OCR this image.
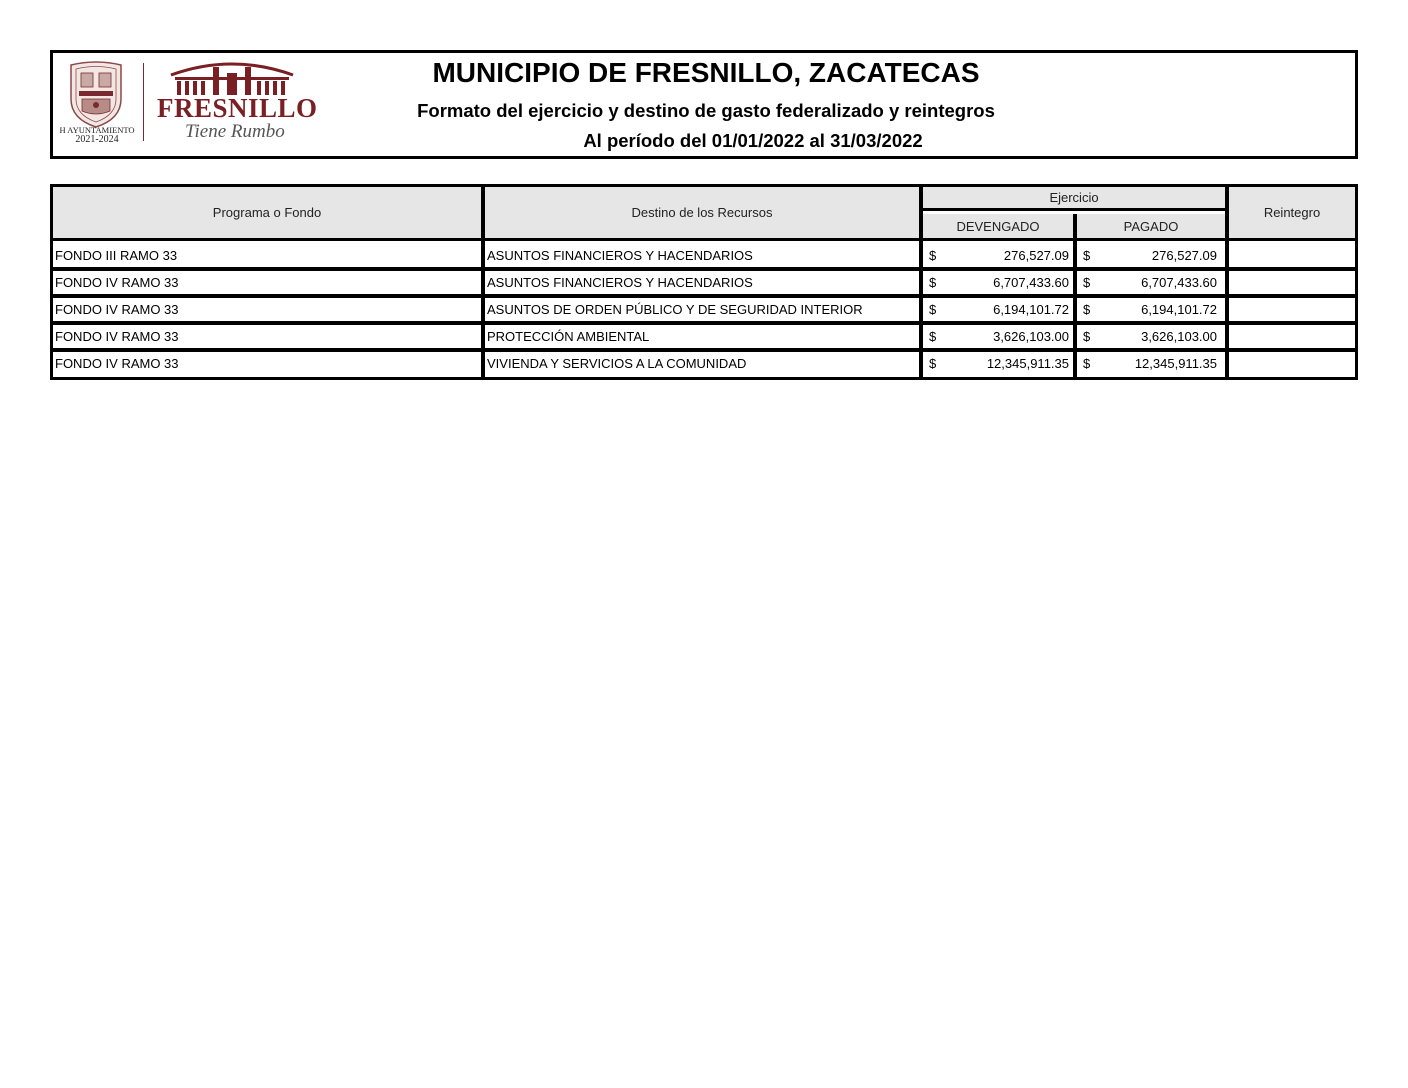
H AYUNTAMIENTO
2021-2024
FRESNILLO
Tiene Rumbo
MUNICIPIO DE FRESNILLO, ZACATECAS
Formato del ejercicio y destino de gasto federalizado y reintegros
Al período del 01/01/2022 al 31/03/2022
Programa o Fondo	Destino de los Recursos
Ejercicio
DEVENGADO	PAGADO
Reintegro
FONDO III RAMO 33	ASUNTOS FINANCIEROS Y HACENDARIOS	$	276,527.09 $	276,527.09
FONDO IV RAMO 33	ASUNTOS FINANCIEROS Y HACENDARIOS	$	6,707,433.60 $	6,707,433.60
FONDO IV RAMO 33	ASUNTOS DE ORDEN PÚBLICO Y DE SEGURIDAD INTERIOR	$	6,194,101.72 $	6,194,101.72
FONDO IV RAMO 33	PROTECCIÓN AMBIENTAL	$	3,626,103.00 $	3,626,103.00
FONDO IV RAMO 33	VIVIENDA Y SERVICIOS A LA COMUNIDAD	$	12,345,911.35 $	12,345,911.35
